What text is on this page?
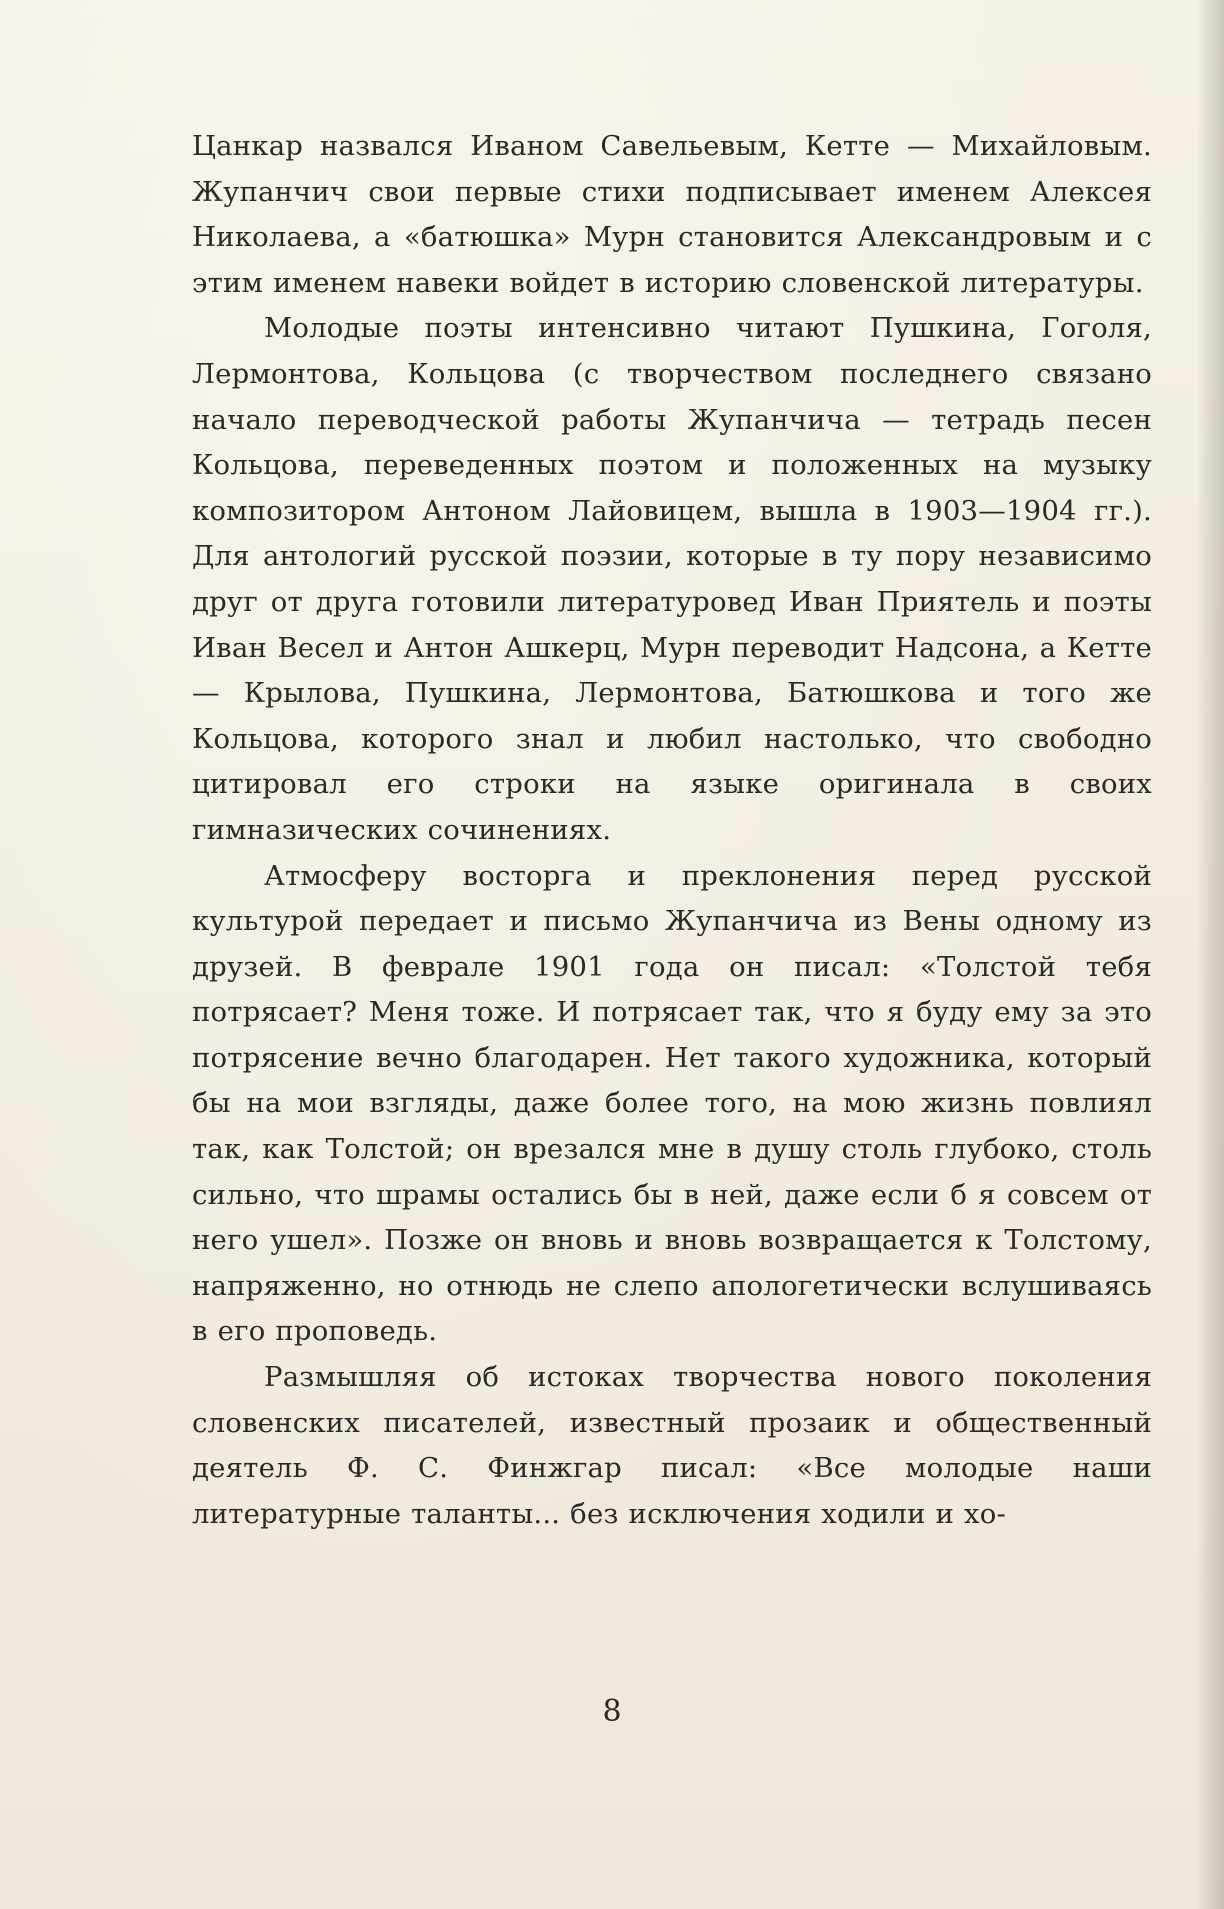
Цанкар назвался Иваном Савельевым, Кетте — Михайловым. Жупанчич свои первые стихи подписывает именем Алексея Николаева, а «батюшка» Мурн становится Александровым и с этим именем навеки войдет в историю словенской литературы.

Молодые поэты интенсивно читают Пушкина, Гоголя, Лермонтова, Кольцова (с творчеством последнего связано начало переводческой работы Жупанчича — тетрадь песен Кольцова, переведенных поэтом и положенных на музыку композитором Антоном Лайовицем, вышла в 1903—1904 гг.). Для антологий русской поэзии, которые в ту пору независимо друг от друга готовили литературовед Иван Приятель и поэты Иван Весел и Антон Ашкерц, Мурн переводит Надсона, а Кетте — Крылова, Пушкина, Лермонтова, Батюшкова и того же Кольцова, которого знал и любил настолько, что свободно цитировал его строки на языке оригинала в своих гимназических сочинениях.

Атмосферу восторга и преклонения перед русской культурой передает и письмо Жупанчича из Вены одному из друзей. В феврале 1901 года он писал: «Толстой тебя потрясает? Меня тоже. И потрясает так, что я буду ему за это потрясение вечно благодарен. Нет такого художника, который бы на мои взгляды, даже более того, на мою жизнь повлиял так, как Толстой; он врезался мне в душу столь глубоко, столь сильно, что шрамы остались бы в ней, даже если б я совсем от него ушел». Позже он вновь и вновь возвращается к Толстому, напряженно, но отнюдь не слепо апологетически вслушиваясь в его проповедь.

Размышляя об истоках творчества нового поколения словенских писателей, известный прозаик и общественный деятель Ф. С. Финжгар писал: «Все молодые наши литературные таланты... без исключения ходили и хо-

8
